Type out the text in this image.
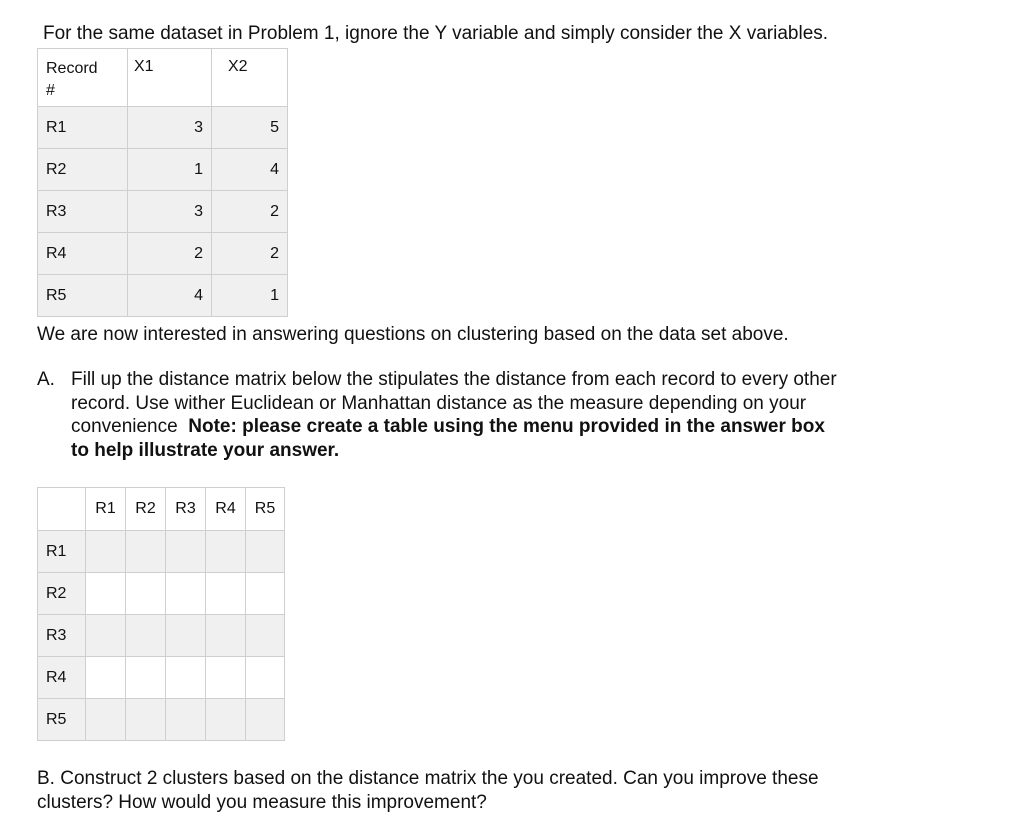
For the same dataset in Problem 1, ignore the Y variable and simply consider the X variables.
Record
#	X1	X2
R1	3	5
R2	1	4
R3	3	2
R4	2	2
R5	4	1
We are now interested in answering questions on clustering based on the data set above.
A. Fill up the distance matrix below the stipulates the distance from each record to every other
record. Use wither Euclidean or Manhattan distance as the measure depending on your
convenience Note: please create a table using the menu provided in the answer box
to help illustrate your answer.
	R1	R2	R3	R4	R5
R1					
R2					
R3					
R4					
R5					
B. Construct 2 clusters based on the distance matrix the you created. Can you improve these
clusters? How would you measure this improvement?
